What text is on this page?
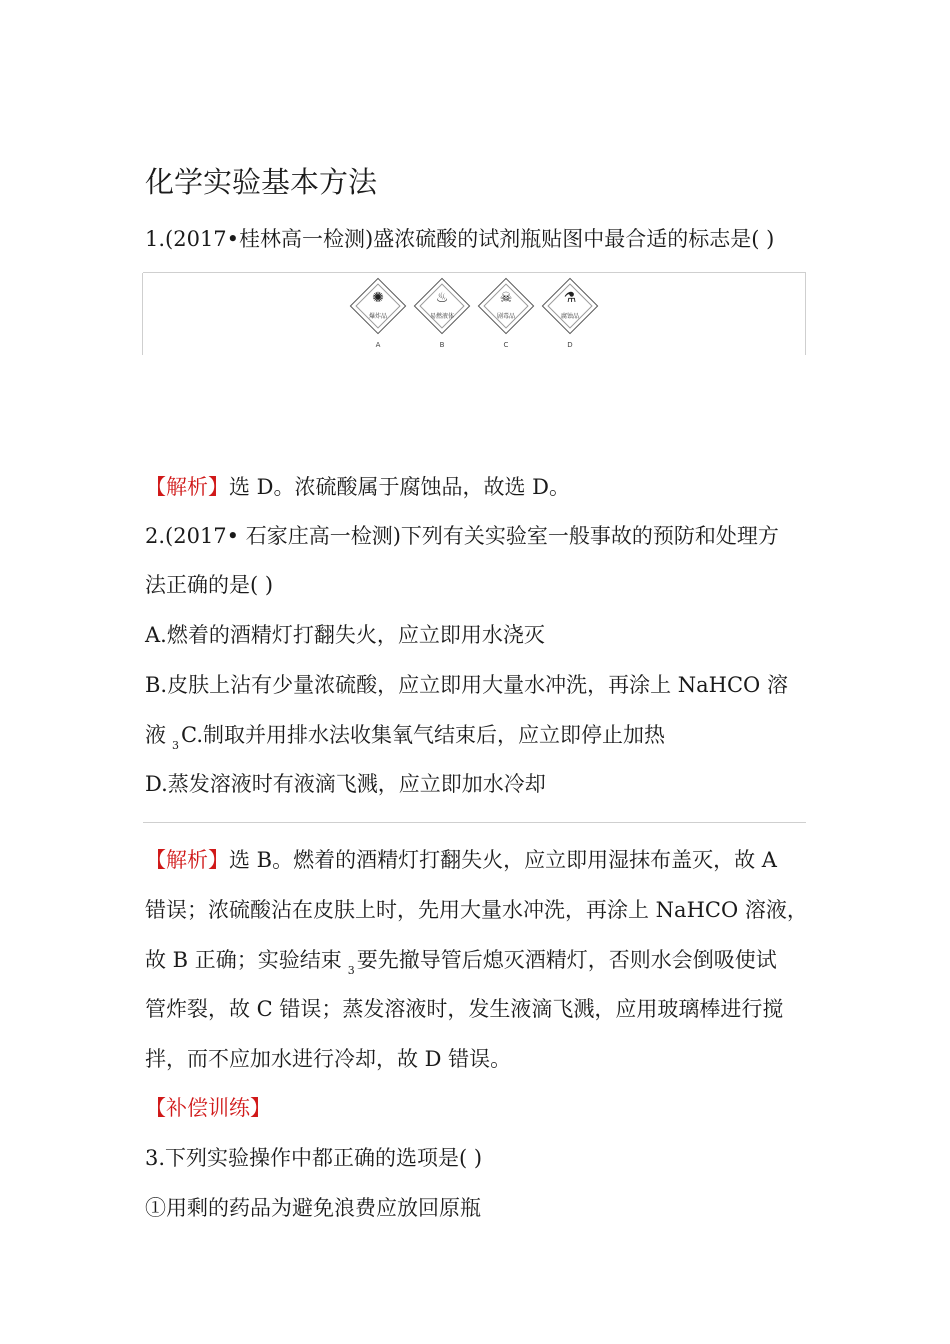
化学实验基本方法
1.(2017•桂林高一检测)盛浓硫酸的试剂瓶贴图中最合适的标志是( )
✺
爆炸品
A
♨
易燃液体
B
☠
剧毒品
C
⚗
腐蚀品
D
【解析】选 D。浓硫酸属于腐蚀品，故选 D。
2.(2017• 石家庄高一检测)下列有关实验室一般事故的预防和处理方
法正确的是( )
A.燃着的酒精灯打翻失火，应立即用水浇灭
B.皮肤上沾有少量浓硫酸，应立即用大量水冲洗，再涂上 NaHCO 溶
液 $_3$C.制取并用排水法收集氧气结束后，应立即停止加热
D.蒸发溶液时有液滴飞溅，应立即加水冷却
【解析】选 B。燃着的酒精灯打翻失火，应立即用湿抹布盖灭，故 A
错误；浓硫酸沾在皮肤上时，先用大量水冲洗，再涂上 NaHCO 溶液，
故 B 正确；实验结束 $_3$要先撤导管后熄灭酒精灯，否则水会倒吸使试
管炸裂，故 C 错误；蒸发溶液时，发生液滴飞溅，应用玻璃棒进行搅
拌，而不应加水进行冷却，故 D 错误。
【补偿训练】
3.下列实验操作中都正确的选项是( )
①用剩的药品为避免浪费应放回原瓶
